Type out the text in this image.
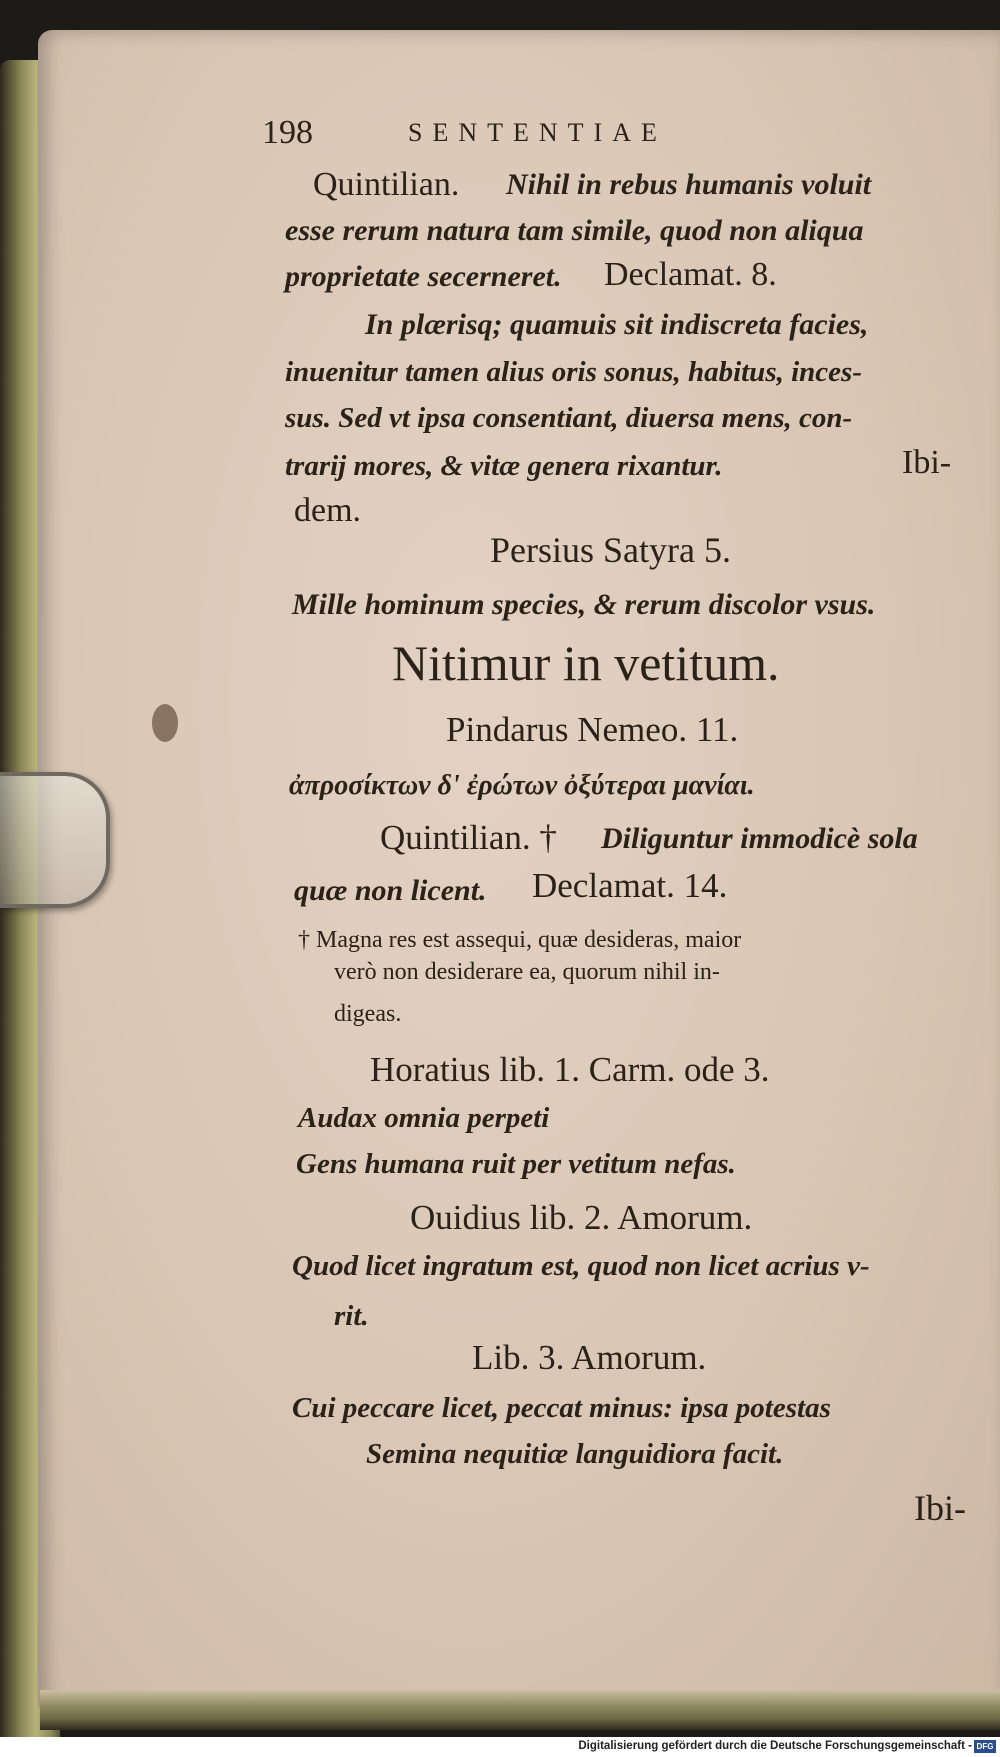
198	SENTENTIAE
Quintilian. Nihil in rebus humanis voluit
esse rerum natura tam simile, quod non aliqua
proprietate secerneret. Declamat. 8.
In plærisq; quamuis sit indiscreta facies,
inuenitur tamen alius oris sonus, habitus, inces-
sus. Sed vt ipsa consentiant, diuersa mens, con-
trarij mores, & vitæ genera rixantur.	Ibi-
dem.
Persius Satyra 5.
Mille hominum species, & rerum discolor vsus.
Nitimur in vetitum.
Pindarus Nemeo. 11.
ἀπροσίκτων δ' ἐρώτων ὀξύτεραι μανίαι.
Quintilian. † Diliguntur immodicè sola
quæ non licent. Declamat. 14.
† Magna res est assequi, quæ desideras, maior
verò non desiderare ea, quorum nihil in-
digeas.
Horatius lib. 1. Carm. ode 3.
Audax omnia perpeti
Gens humana ruit per vetitum nefas.
Ouidius lib. 2. Amorum.
Quod licet ingratum est, quod non licet acrius v-
rit.
Lib. 3. Amorum.
Cui peccare licet, peccat minus: ipsa potestas
Semina nequitiæ languidiora facit.
Ibi-
Digitalisierung gefördert durch die Deutsche Forschungsgemeinschaft - DFG
